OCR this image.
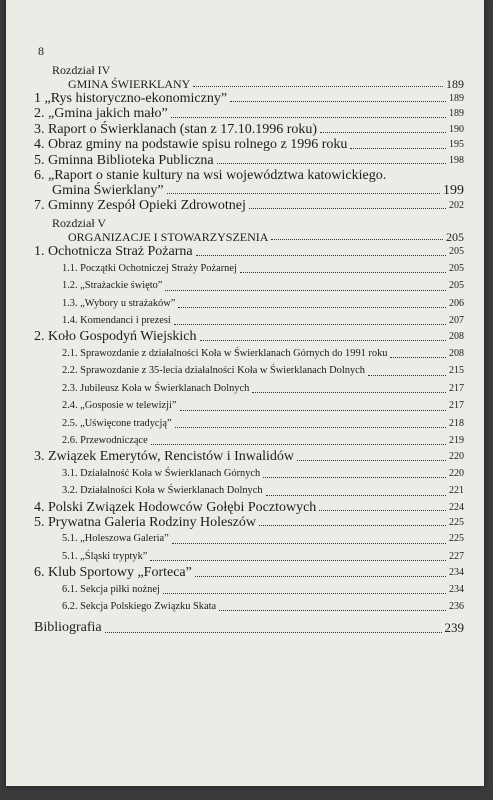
8
Rozdział IV
GMINA ŚWIERKLANY	189
1 „Rys historyczno-ekonomiczny”	189
2. „Gmina jakich mało”	189
3. Raport o Świerklanach (stan z 17.10.1996 roku)	190
4. Obraz gminy na podstawie spisu rolnego z 1996 roku	195
5. Gminna Biblioteka Publiczna	198
6. „Raport o stanie kultury na wsi województwa katowickiego.
Gmina Świerklany”	199
7. Gminny Zespół Opieki Zdrowotnej	202
Rozdział V
ORGANIZACJE I STOWARZYSZENIA	205
1. Ochotnicza Straż Pożarna	205
1.1. Początki Ochotniczej Straży Pożarnej	205
1.2. „Strażackie święto”	205
1.3. „Wybory u strażaków”	206
1.4. Komendanci i prezesi	207
2. Koło Gospodyń Wiejskich	208
2.1. Sprawozdanie z działalności Koła w Świerklanach Górnych do 1991 roku	208
2.2. Sprawozdanie z 35-lecia działalności Koła w Świerklanach Dolnych	215
2.3. Jubileusz Koła w Świerklanach Dolnych	217
2.4. „Gosposie w telewizji”	217
2.5. „Uświęcone tradycją”	218
2.6. Przewodniczące	219
3. Związek Emerytów, Rencistów i Inwalidów	220
3.1. Działalność Koła w Świerklanach Górnych	220
3.2. Działalności Koła w Świerklanach Dolnych	221
4. Polski Związek Hodowców Gołębi Pocztowych	224
5. Prywatna Galeria Rodziny Holeszów	225
5.1. „Holeszowa Galeria”	225
5.1. „Śląski tryptyk”	227
6. Klub Sportowy „Forteca”	234
6.1. Sekcja piłki nożnej	234
6.2. Sekcja Polskiego Związku Skata	236
Bibliografia	239
